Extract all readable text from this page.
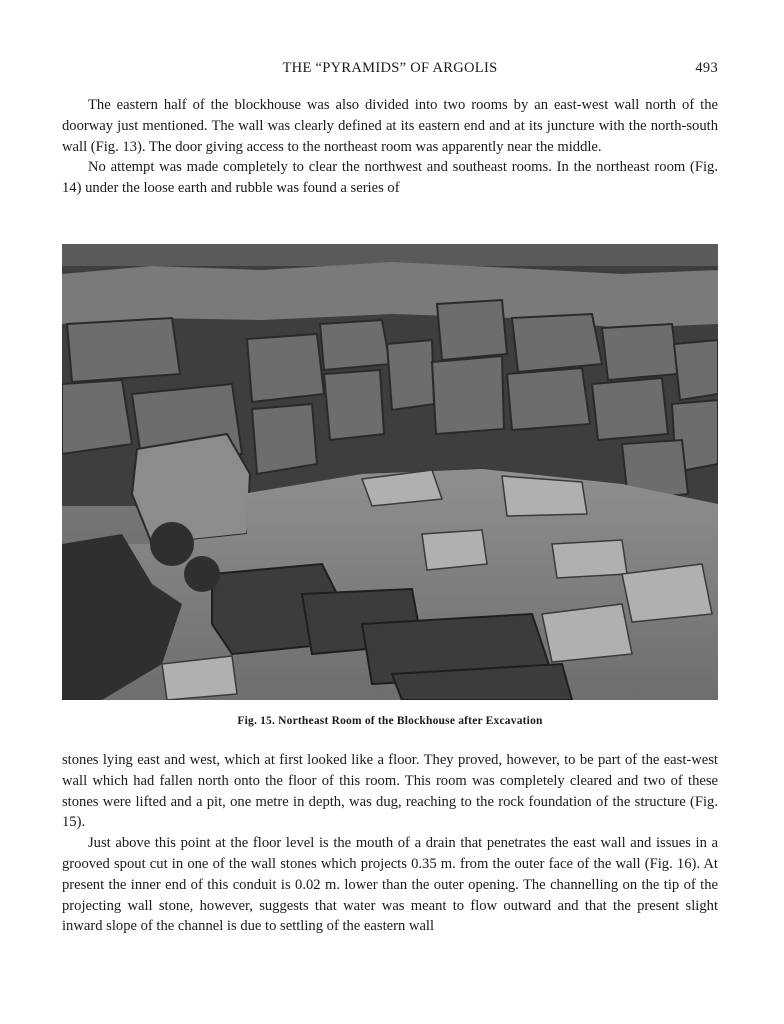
THE “PYRAMIDS” OF ARGOLIS	493

The eastern half of the blockhouse was also divided into two rooms by an east-west wall north of the doorway just mentioned. The wall was clearly defined at its eastern end and at its juncture with the north-south wall (Fig. 13). The door giving access to the northeast room was apparently near the middle.

No attempt was made completely to clear the northwest and southeast rooms. In the northeast room (Fig. 14) under the loose earth and rubble was found a series of

Fig. 15. Northeast Room of the Blockhouse after Excavation

stones lying east and west, which at first looked like a floor. They proved, however, to be part of the east-west wall which had fallen north onto the floor of this room. This room was completely cleared and two of these stones were lifted and a pit, one metre in depth, was dug, reaching to the rock foundation of the structure (Fig. 15).

Just above this point at the floor level is the mouth of a drain that penetrates the east wall and issues in a grooved spout cut in one of the wall stones which projects 0.35 m. from the outer face of the wall (Fig. 16). At present the inner end of this conduit is 0.02 m. lower than the outer opening. The channelling on the tip of the projecting wall stone, however, suggests that water was meant to flow outward and that the present slight inward slope of the channel is due to settling of the eastern wall
